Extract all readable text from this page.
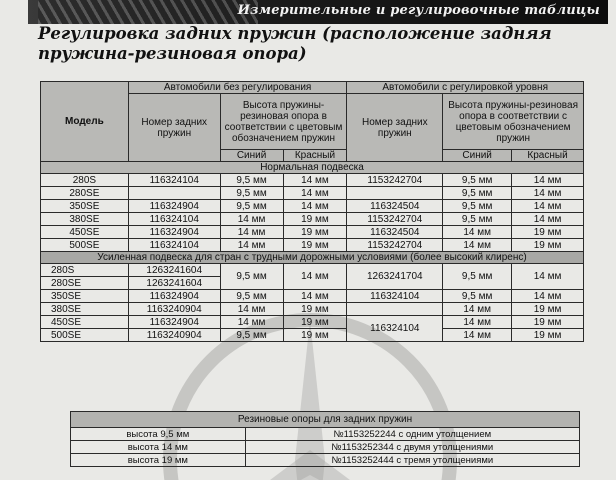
Измерительные и регулировочные таблицы
Регулировка задних пружин (расположение задняя пружина-резиновая опора)
Модель	Автомобили без регулирования			Автомобили с регулировкой уровня		
	Номер задних пружин	Высота пружины-резиновая опора в соответствии с цветовым обозначением пружин		Номер задних пружин	Высота пружины-резиновая опора в соответствии с цветовым обозначением пружин	
		Синий	Красный		Синий	Красный
Нормальная подвеска						
280S	116324104	9,5 мм	14 мм	1153242704	9,5 мм	14 мм
280SE		9,5 мм	14 мм		9,5 мм	14 мм
350SE	116324904	9,5 мм	14 мм	116324504	9,5 мм	14 мм
380SE	116324104	14 мм	19 мм	1153242704	9,5 мм	14 мм
450SE	116324904	14 мм	19 мм	116324504	14 мм	19 мм
500SE	116324104	14 мм	19 мм	1153242704	14 мм	19 мм
Усиленная подвеска для стран с трудными дорожными условиями (более высокий клиренс)						
280S	1263241604	9,5 мм	14 мм	1263241704	9,5 мм	14 мм
280SE	1263241604					
350SE	116324904	9,5 мм	14 мм	116324104	9,5 мм	14 мм
380SE	1163240904	14 мм	19 мм		14 мм	19 мм
450SE	116324904	14 мм	19 мм	116324104	14 мм	19 мм
500SE	1163240904	9,5 мм	19 мм		14 мм	19 мм
Резиновые опоры для задних пружин	
высота 9,5 мм	№1153252244 с одним утолщением
высота 14 мм	№1153252344 с двумя утолщениями
высота 19 мм	№1153252444 с тремя утолщениями
